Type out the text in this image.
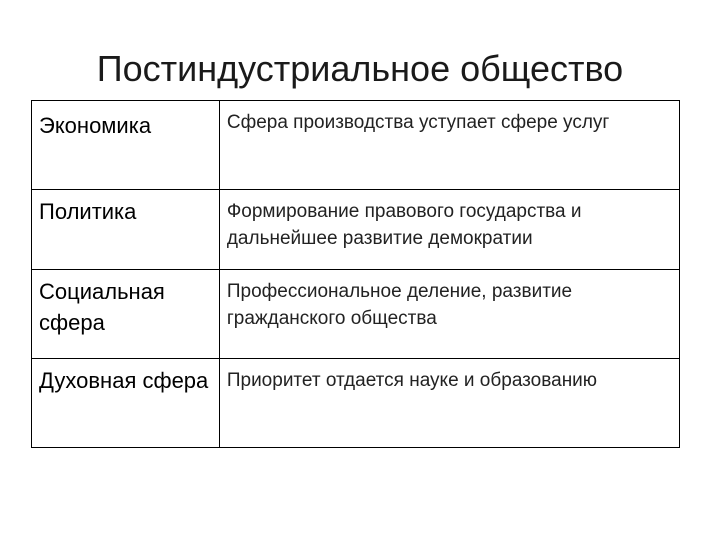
Постиндустриальное общество
Экономика	Сфера производства уступает сфере услуг
Политика	Формирование правового государства и дальнейшее развитие демократии
Социальная сфера	Профессиональное деление, развитие гражданского общества
Духовная сфера	Приоритет отдается науке и образованию
